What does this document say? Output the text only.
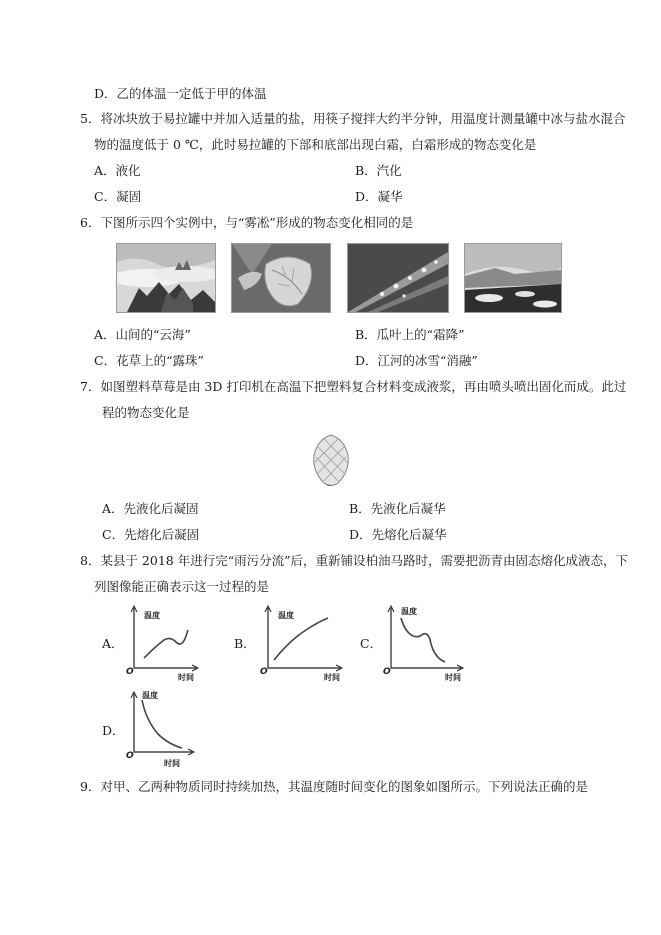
D．乙的体温一定低于甲的体温
5．将冰块放于易拉罐中并加入适量的盐，用筷子搅拌大约半分钟，用温度计测量罐中冰与盐水混合
物的温度低于 0 ℃，此时易拉罐的下部和底部出现白霜，白霜形成的物态变化是
A．液化	B．汽化
C．凝固	D．凝华
6．下图所示四个实例中，与“雾凇”形成的物态变化相同的是
A．山间的“云海”	B．瓜叶上的“霜降”
C．花草上的“露珠”	D．江河的冰雪“消融”
7．如图塑料草莓是由 3D 打印机在高温下把塑料复合材料变成液浆，再由喷头喷出固化而成。此过
程的物态变化是
A．先液化后凝固	B．先液化后凝华
C．先熔化后凝固	D．先熔化后凝华
8．某县于 2018 年进行完“雨污分流”后，重新铺设柏油马路时，需要把沥青由固态熔化成液态，下
列图像能正确表示这一过程的是
A．	B．	C．
D．
温度
时间
O
温度
时间
O
温度
时间
O
温度
时间
O
9．对甲、乙两种物质同时持续加热，其温度随时间变化的图象如图所示。下列说法正确的是
